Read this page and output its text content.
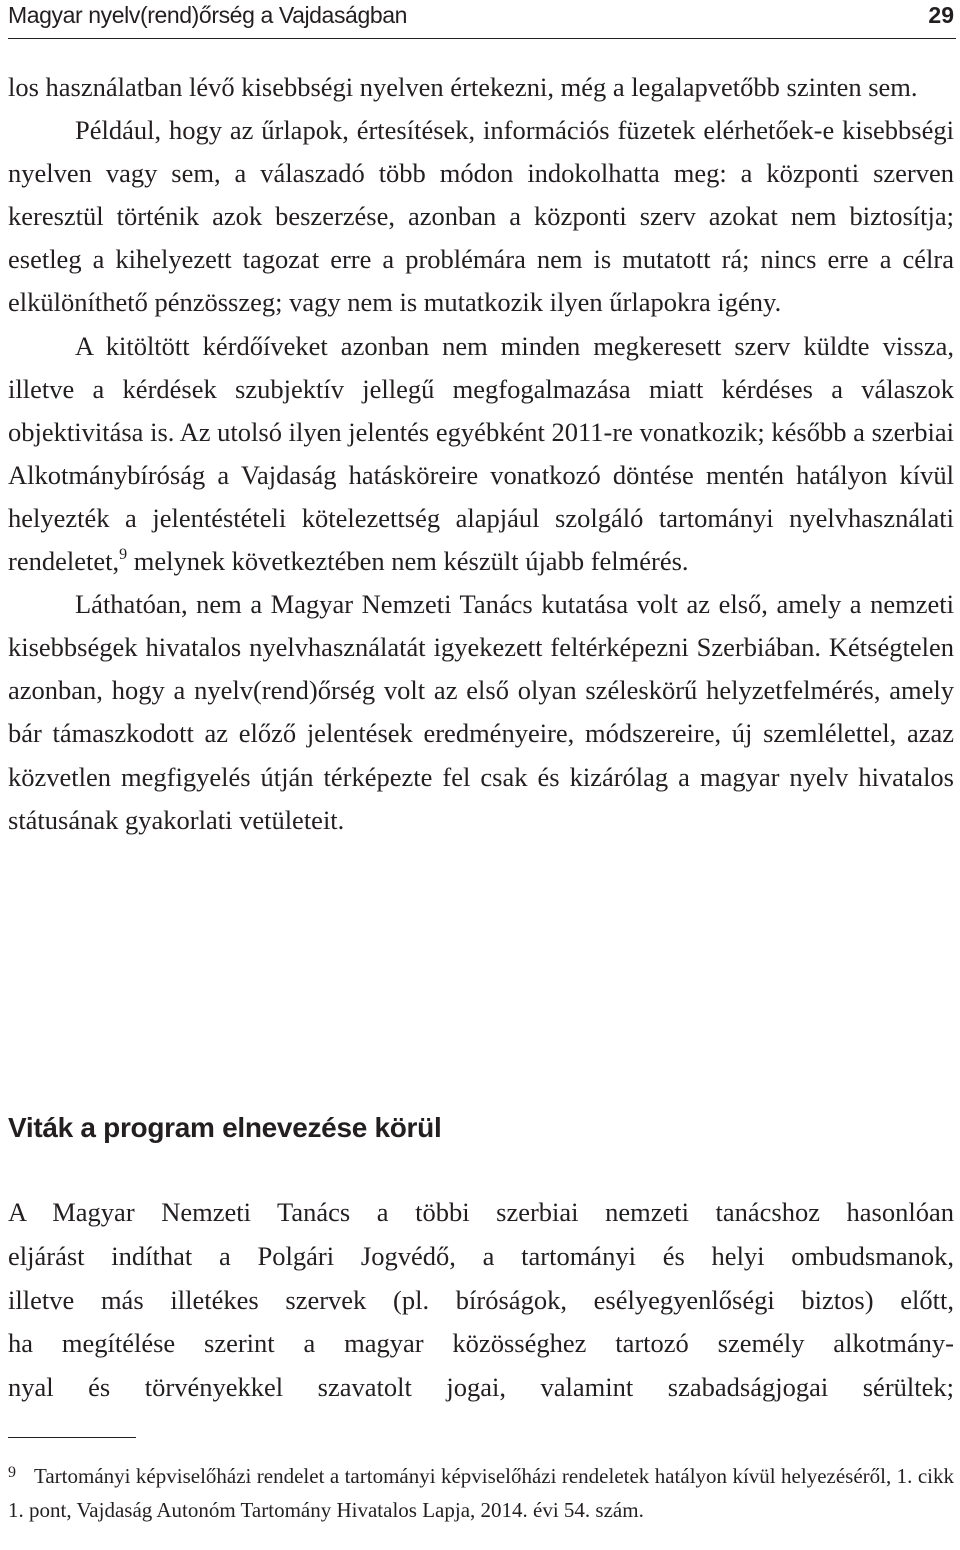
Magyar nyelv(rend)őrség a Vajdaságban	29

los használatban lévő kisebbségi nyelven értekezni, még a legalapvetőbb szinten sem.

Például, hogy az űrlapok, értesítések, információs füzetek elérhetőek-e kisebbségi nyelven vagy sem, a válaszadó több módon indokolhatta meg: a központi szerven keresztül történik azok beszerzése, azonban a központi szerv azokat nem biztosítja; esetleg a kihelyezett tagozat erre a problémára nem is mutatott rá; nincs erre a célra elkülöníthető pénzösszeg; vagy nem is mutatkozik ilyen űrlapokra igény.

A kitöltött kérdőíveket azonban nem minden megkeresett szerv küldte vissza, illetve a kérdések szubjektív jellegű megfogalmazása miatt kérdéses a válaszok objektivitása is. Az utolsó ilyen jelentés egyébként 2011-re vonatkozik; később a szerbiai Alkotmánybíróság a Vajdaság hatásköreire vonatkozó döntése mentén hatályon kívül helyezték a jelentéstételi kötelezettség alapjául szolgáló tartományi nyelvhasználati rendeletet,$^9$ melynek következtében nem készült újabb felmérés.

Láthatóan, nem a Magyar Nemzeti Tanács kutatása volt az első, amely a nemzeti kisebbségek hivatalos nyelvhasználatát igyekezett feltérképezni Szerbiában. Kétségtelen azonban, hogy a nyelv(rend)őrség volt az első olyan széleskörű helyzetfelmérés, amely bár támaszkodott az előző jelentések eredményeire, módszereire, új szemlélettel, azaz közvetlen megfigyelés útján térképezte fel csak és kizárólag a magyar nyelv hivatalos státusának gyakorlati vetületeit.

Viták a program elnevezése körül

A Magyar Nemzeti Tanács a többi szerbiai nemzeti tanácshoz hasonlóan

eljárást indíthat a Polgári Jogvédő, a tartományi és helyi ombudsmanok,

illetve más illetékes szervek (pl. bíróságok, esélyegyenlőségi biztos) előtt,

ha megítélése szerint a magyar közösséghez tartozó személy alkotmány-

nyal és törvényekkel szavatolt jogai, valamint szabadságjogai sérültek;

9 Tartományi képviselőházi rendelet a tartományi képviselőházi rendeletek hatályon kívül helyezéséről, 1. cikk 1. pont, Vajdaság Autonóm Tartomány Hivatalos Lapja, 2014. évi 54. szám.
